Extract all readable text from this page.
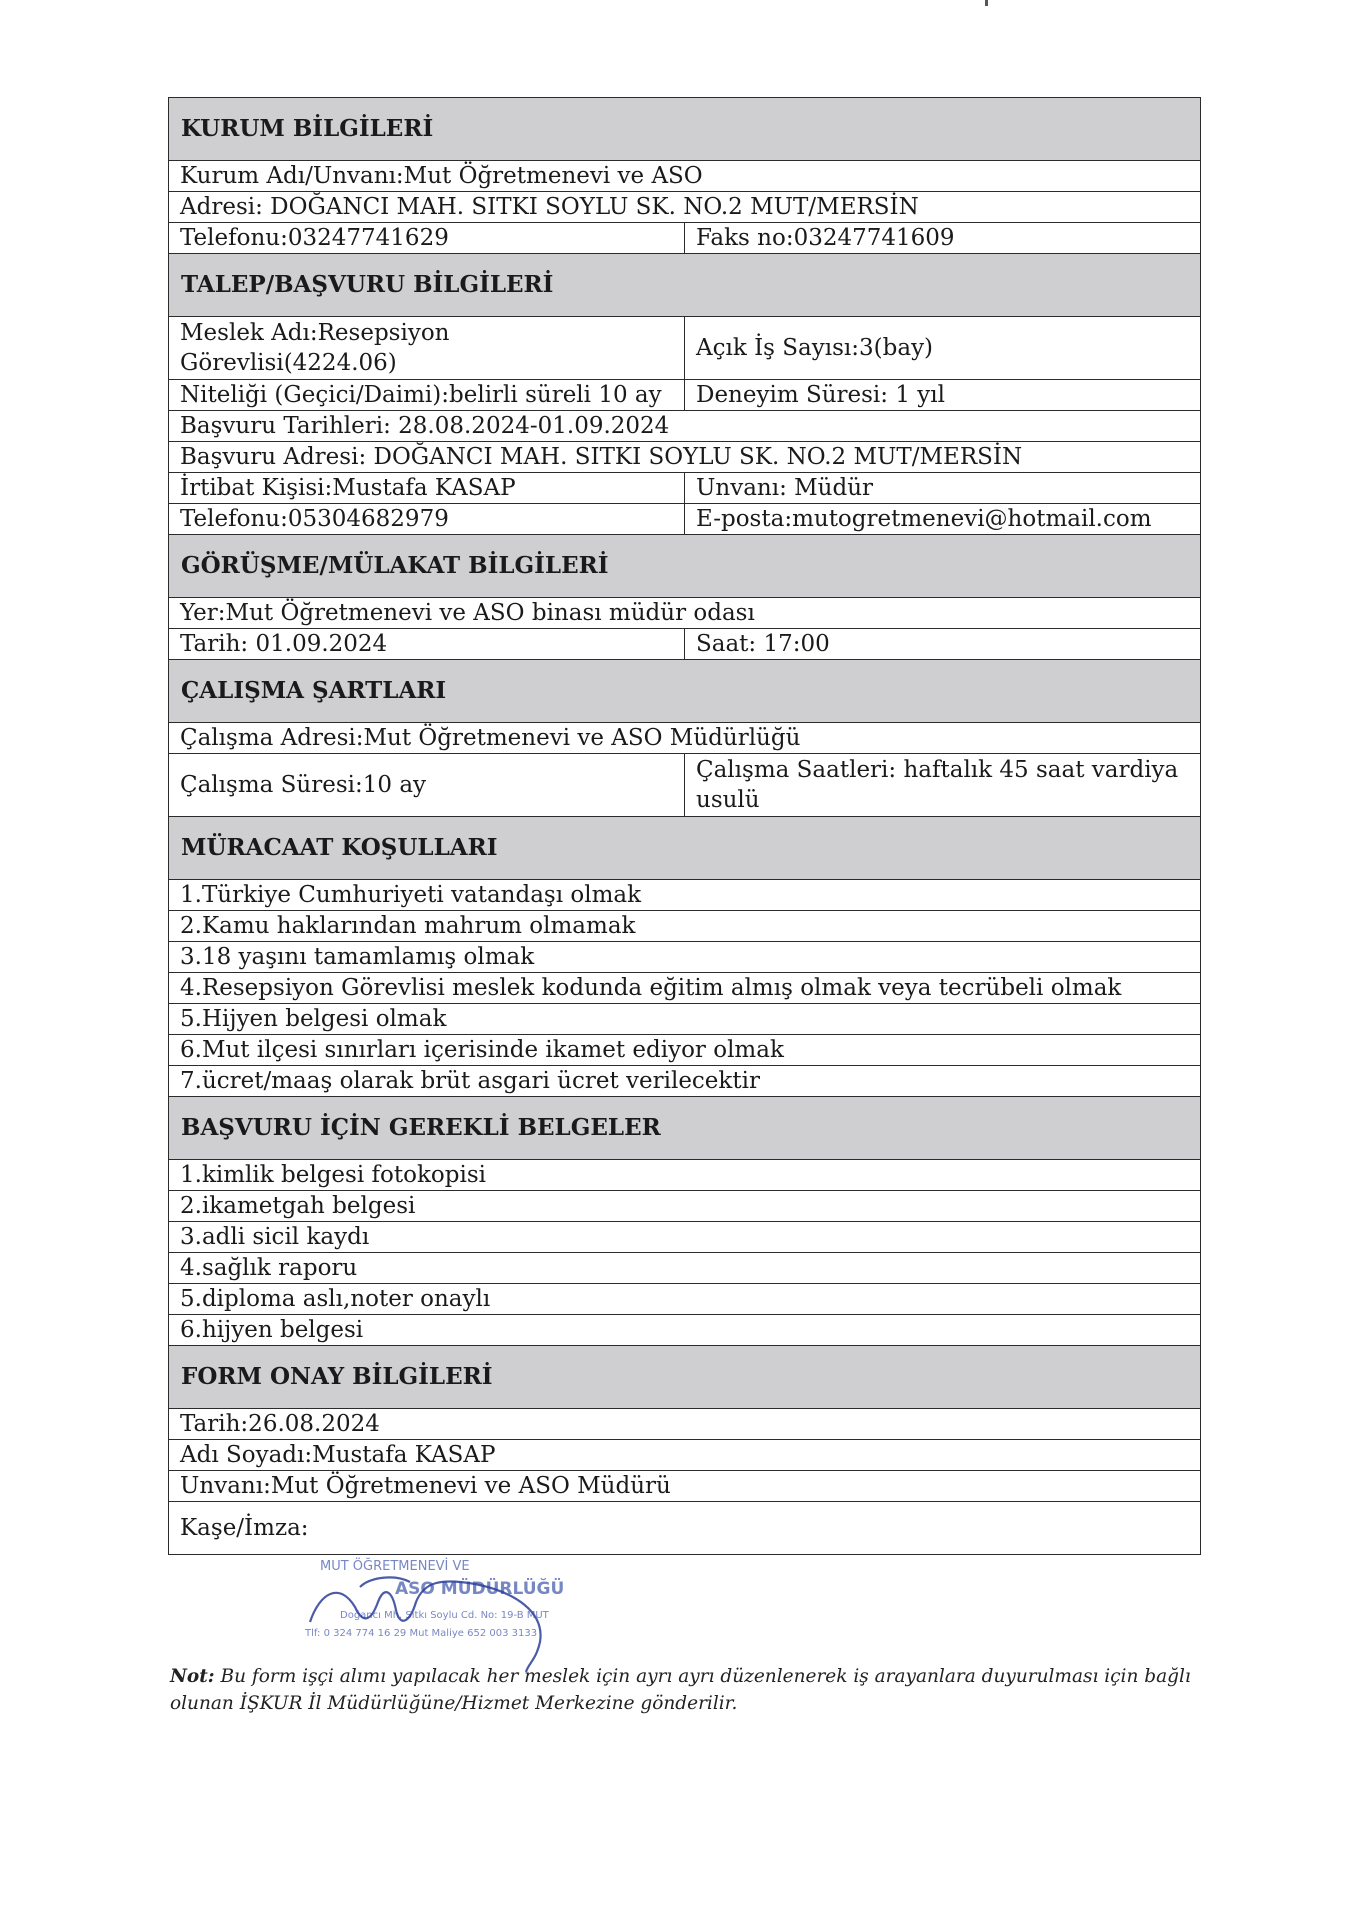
KURUM BİLGİLERİ	
Kurum Adı/Unvanı:Mut Öğretmenevi ve ASO	
Adresi: DOĞANCI MAH. SITKI SOYLU SK. NO.2 MUT/MERSİN	
Telefonu:03247741629	Faks no:03247741609
TALEP/BAŞVURU BİLGİLERİ	
Meslek Adı:Resepsiyon Görevlisi(4224.06)	Açık İş Sayısı:3(bay)
Niteliği (Geçici/Daimi):belirli süreli 10 ay	Deneyim Süresi: 1 yıl
Başvuru Tarihleri: 28.08.2024-01.09.2024	
Başvuru Adresi: DOĞANCI MAH. SITKI SOYLU SK. NO.2 MUT/MERSİN	
İrtibat Kişisi:Mustafa KASAP	Unvanı: Müdür
Telefonu:05304682979	E-posta:mutogretmenevi@hotmail.com
GÖRÜŞME/MÜLAKAT BİLGİLERİ	
Yer:Mut Öğretmenevi ve ASO binası müdür odası	
Tarih: 01.09.2024	Saat: 17:00
ÇALIŞMA ŞARTLARI	
Çalışma Adresi:Mut Öğretmenevi ve ASO Müdürlüğü	
Çalışma Süresi:10 ay	Çalışma Saatleri: haftalık 45 saat vardiya usulü
MÜRACAAT KOŞULLARI	
1.Türkiye Cumhuriyeti vatandaşı olmak	
2.Kamu haklarından mahrum olmamak	
3.18 yaşını tamamlamış olmak	
4.Resepsiyon Görevlisi meslek kodunda eğitim almış olmak veya tecrübeli olmak	
5.Hijyen belgesi olmak	
6.Mut ilçesi sınırları içerisinde ikamet ediyor olmak	
7.ücret/maaş olarak brüt asgari ücret verilecektir	
BAŞVURU İÇİN GEREKLİ BELGELER	
1.kimlik belgesi fotokopisi	
2.ikametgah belgesi	
3.adli sicil kaydı	
4.sağlık raporu	
5.diploma aslı,noter onaylı	
6.hijyen belgesi	
FORM ONAY BİLGİLERİ	
Tarih:26.08.2024	
Adı Soyadı:Mustafa KASAP	
Unvanı:Mut Öğretmenevi ve ASO Müdürü	
Kaşe/İmza:	
MUT ÖĞRETMENEVİ VE
ASO MÜDÜRLÜĞÜ
Doğancı Mh. Sıtkı Soylu Cd. No: 19-B MUT
Tlf: 0 324 774 16 29 Mut Maliye 652 003 3133
Not: Bu form işçi alımı yapılacak her meslek için ayrı ayrı düzenlenerek iş arayanlara duyurulması için bağlı olunan İŞKUR İl Müdürlüğüne/Hizmet Merkezine gönderilir.
